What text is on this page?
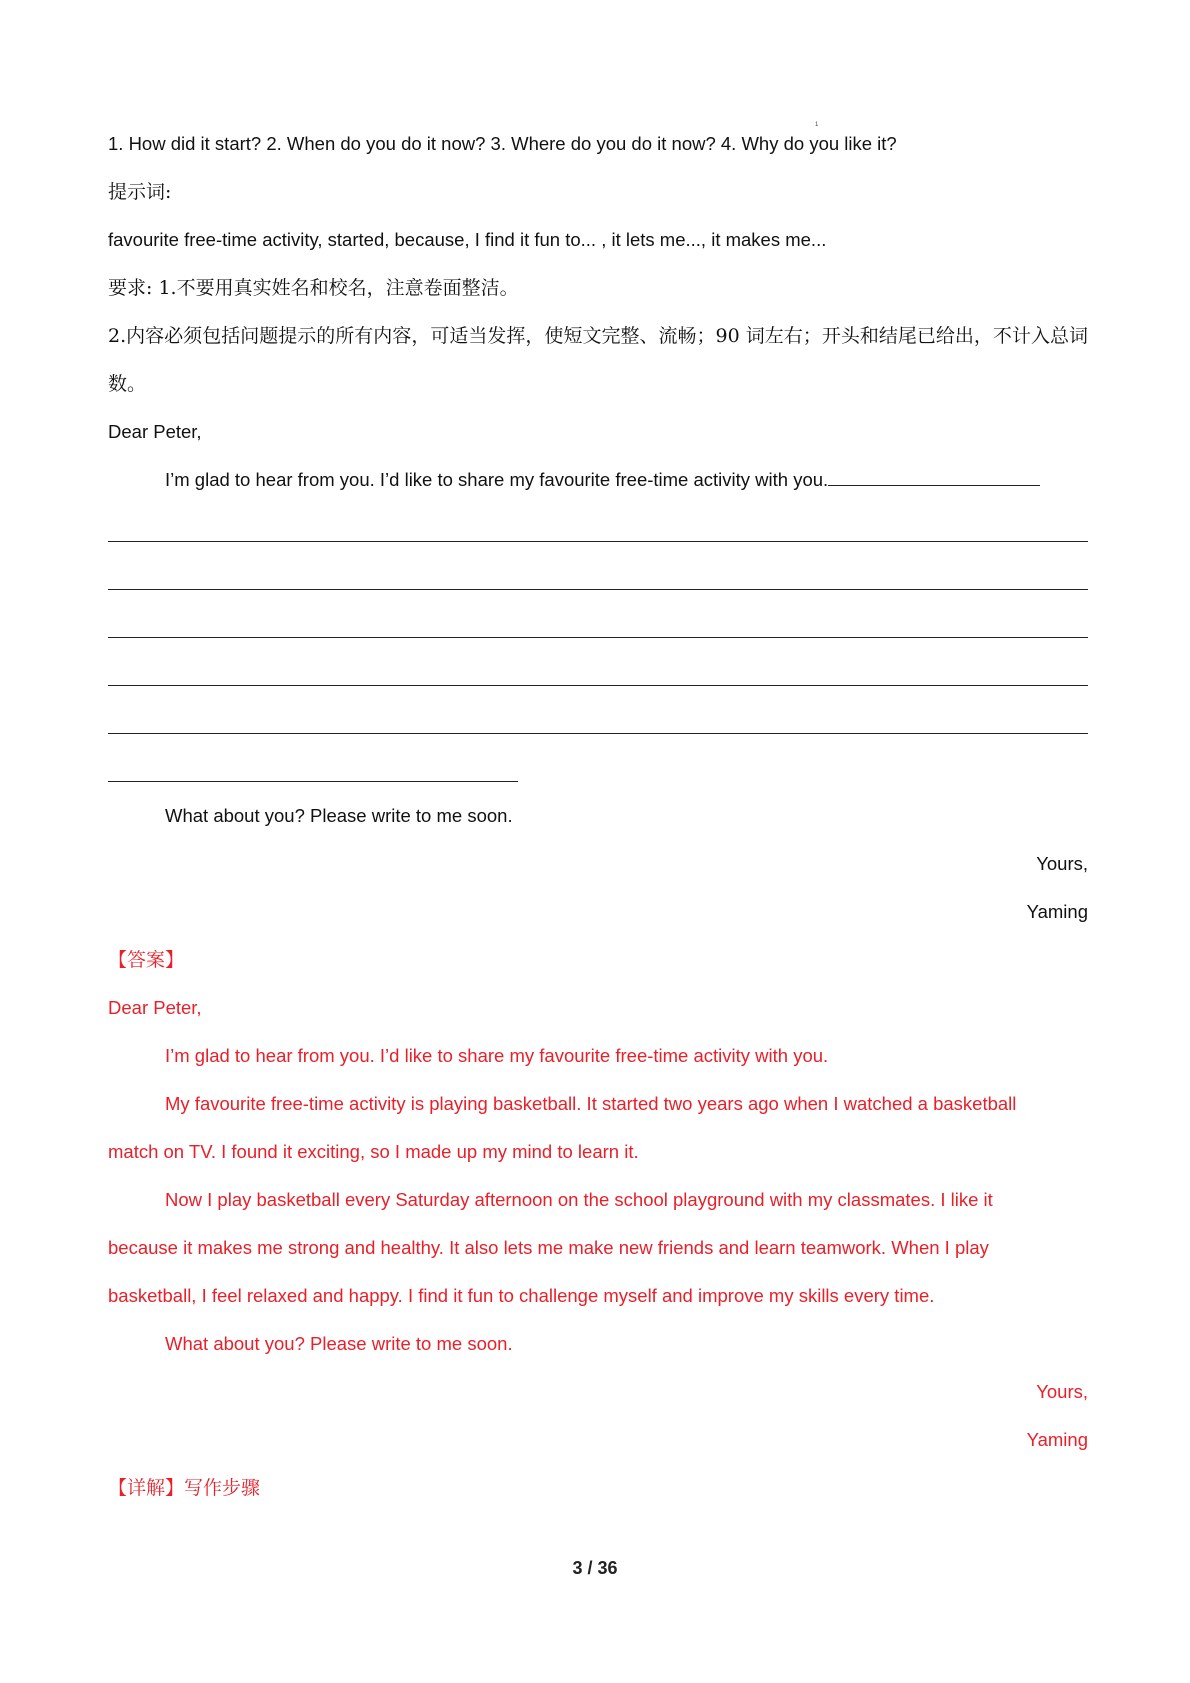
1
1. How did it start? 2. When do you do it now? 3. Where do you do it now? 4. Why do you like it?
提示词:
favourite free-time activity, started, because, I find it fun to... , it lets me..., it makes me...
要求: 1.不要用真实姓名和校名，注意卷面整洁。
2.内容必须包括问题提示的所有内容，可适当发挥，使短文完整、流畅；90 词左右；开头和结尾已给出，不计入总词数。
Dear Peter,
I’m glad to hear from you. I’d like to share my favourite free-time activity with you.
What about you? Please write to me soon.
Yours,
Yaming
【答案】
Dear Peter,
I’m glad to hear from you. I’d like to share my favourite free-time activity with you.
My favourite free-time activity is playing basketball. It started two years ago when I watched a basketball match on TV. I found it exciting, so I made up my mind to learn it.
Now I play basketball every Saturday afternoon on the school playground with my classmates. I like it because it makes me strong and healthy. It also lets me make new friends and learn teamwork. When I play basketball, I feel relaxed and happy. I find it fun to challenge myself and improve my skills every time.
What about you? Please write to me soon.
Yours,
Yaming
【详解】写作步骤
3 / 36
